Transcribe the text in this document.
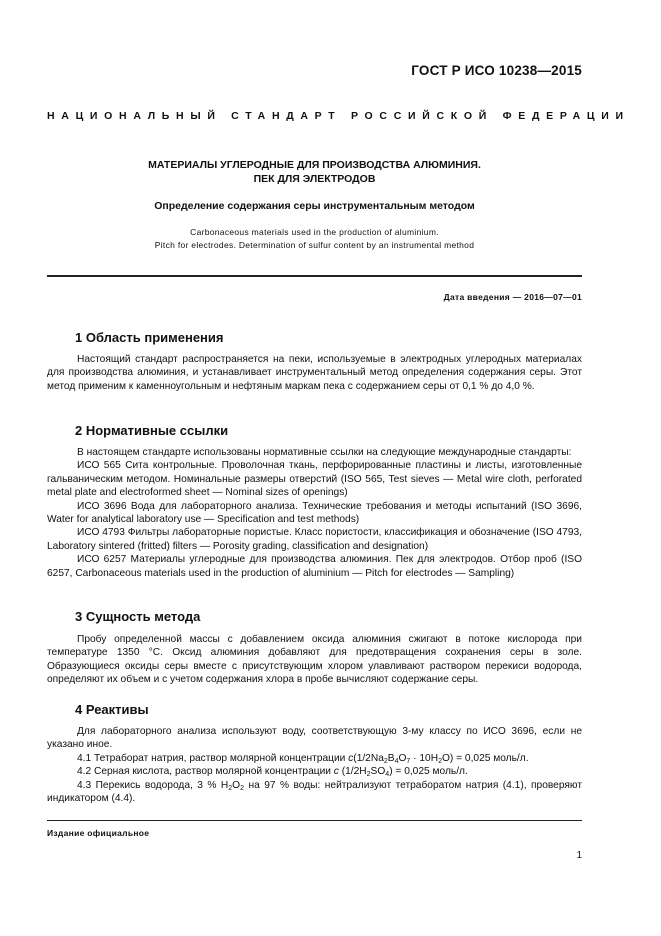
ГОСТ Р ИСО 10238—2015
НАЦИОНАЛЬНЫЙ СТАНДАРТ РОССИЙСКОЙ ФЕДЕРАЦИИ
МАТЕРИАЛЫ УГЛЕРОДНЫЕ ДЛЯ ПРОИЗВОДСТВА АЛЮМИНИЯ.
ПЕК ДЛЯ ЭЛЕКТРОДОВ
Определение содержания серы инструментальным методом
Carbonaceous materials used in the production of aluminium.
Pitch for electrodes. Determination of sulfur content by an instrumental method
Дата введения — 2016—07—01
1 Область применения

Настоящий стандарт распространяется на пеки, используемые в электродных углеродных материалах для производства алюминия, и устанавливает инструментальный метод определения содержания серы. Этот метод применим к каменноугольным и нефтяным маркам пека с содержанием серы от 0,1 % до 4,0 %.

2 Нормативные ссылки

В настоящем стандарте использованы нормативные ссылки на следующие международные стандарты:

ИСО 565 Сита контрольные. Проволочная ткань, перфорированные пластины и листы, изготовленные гальваническим методом. Номинальные размеры отверстий (ISO 565, Test sieves — Metal wire cloth, perforated metal plate and electroformed sheet — Nominal sizes of openings)

ИСО 3696 Вода для лабораторного анализа. Технические требования и методы испытаний (ISO 3696, Water for analytical laboratory use — Specification and test methods)

ИСО 4793 Фильтры лабораторные пористые. Класс пористости, классификация и обозначение (ISO 4793, Laboratory sintered (fritted) filters — Porosity grading, classification and designation)

ИСО 6257 Материалы углеродные для производства алюминия. Пек для электродов. Отбор проб (ISO 6257, Carbonaceous materials used in the production of aluminium — Pitch for electrodes — Sampling)

3 Сущность метода

Пробу определенной массы с добавлением оксида алюминия сжигают в потоке кислорода при температуре 1350 °С. Оксид алюминия добавляют для предотвращения сохранения серы в золе. Образующиеся оксиды серы вместе с присутствующим хлором улавливают раствором перекиси водорода, определяют их объем и с учетом содержания хлора в пробе вычисляют содержание серы.

4 Реактивы

Для лабораторного анализа используют воду, соответствующую 3-му классу по ИСО 3696, если не указано иное.

4.1 Тетраборат натрия, раствор молярной концентрации $c(1/2Na_2B_4O_7 \cdot 10H_2O) = 0,025$ моль/л.

4.2 Серная кислота, раствор молярной концентрации c $(1/2H_2SO_4) = 0,025$ моль/л.

4.3 Перекись водорода, 3 % $H_2O_2$ на 97 % воды: нейтрализуют тетраборатом натрия (4.1), проверяют индикатором (4.4).

Издание официальное
1
